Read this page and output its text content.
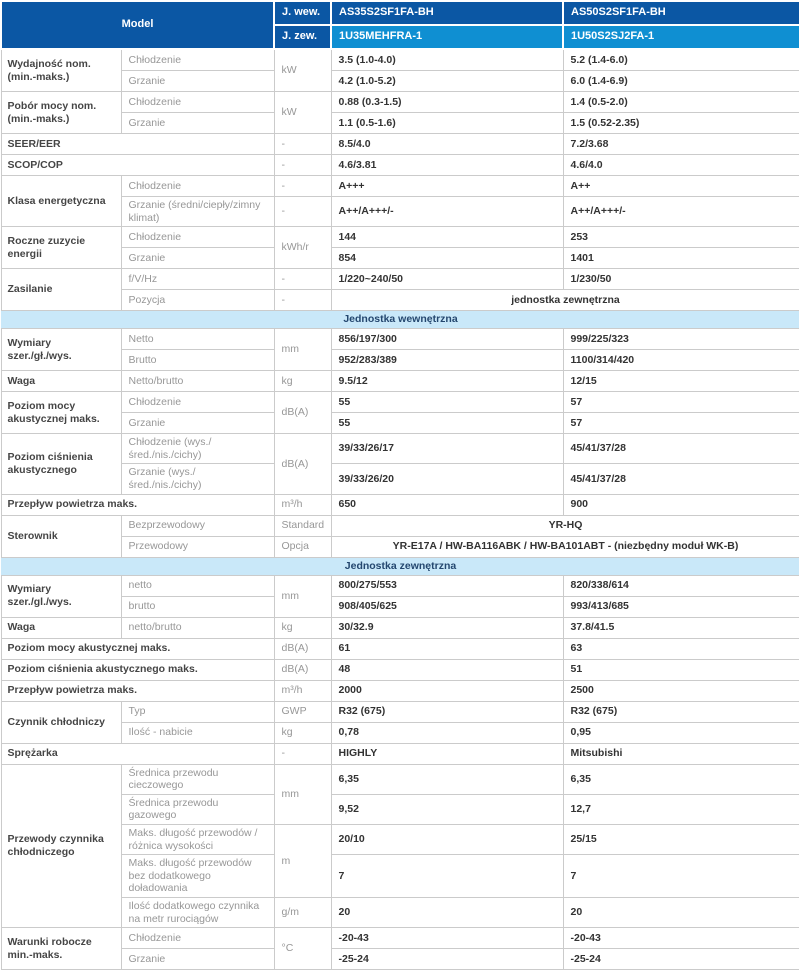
Model		J. wew.	AS35S2SF1FA-BH	AS50S2SF1FA-BH
		J. zew.	1U35MEHFRA-1	1U50S2SJ2FA-1
Wydajność nom. (min.-maks.)	Chłodzenie	kW	3.5 (1.0-4.0)	5.2 (1.4-6.0)
	Grzanie		4.2 (1.0-5.2)	6.0 (1.4-6.9)
Pobór mocy nom. (min.-maks.)	Chłodzenie	kW	0.88 (0.3-1.5)	1.4 (0.5-2.0)
	Grzanie		1.1 (0.5-1.6)	1.5 (0.52-2.35)
SEER/EER		-	8.5/4.0	7.2/3.68
SCOP/COP		-	4.6/3.81	4.6/4.0
Klasa energetyczna	Chłodzenie	-	A+++	A++
	Grzanie (średni/ciepły/zimny klimat)	-	A++/A+++/-	A++/A+++/-
Roczne zuzycie energii	Chłodzenie	kWh/r	144	253
	Grzanie		854	1401
Zasilanie	f/V/Hz	-	1/220~240/50	1/230/50
	Pozycja	-	jednostka zewnętrzna	
Jednostka wewnętrzna				
Wymiary szer./gł./wys.	Netto	mm	856/197/300	999/225/323
	Brutto		952/283/389	1100/314/420
Waga	Netto/brutto	kg	9.5/12	12/15
Poziom mocy akustycznej maks.	Chłodzenie	dB(A)	55	57
	Grzanie		55	57
Poziom ciśnienia akustycznego	Chłodzenie (wys./śred./nis./cichy)	dB(A)	39/33/26/17	45/41/37/28
	Grzanie (wys./śred./nis./cichy)		39/33/26/20	45/41/37/28
Przepływ powietrza maks.		m³/h	650	900
Sterownik	Bezprzewodowy	Standard	YR-HQ	
	Przewodowy	Opcja	YR-E17A / HW-BA116ABK / HW-BA101ABT - (niezbędny moduł WK-B)	
Jednostka zewnętrzna				
Wymiary szer./gl./wys.	netto	mm	800/275/553	820/338/614
	brutto		908/405/625	993/413/685
Waga	netto/brutto	kg	30/32.9	37.8/41.5
Poziom mocy akustycznej maks.		dB(A)	61	63
Poziom ciśnienia akustycznego maks.		dB(A)	48	51
Przepływ powietrza maks.		m³/h	2000	2500
Czynnik chłodniczy	Typ	GWP	R32 (675)	R32 (675)
	Ilość - nabicie	kg	0,78	0,95
Sprężarka		-	HIGHLY	Mitsubishi
Przewody czynnika chłodniczego	Średnica przewodu cieczowego	mm	6,35	6,35
	Średnica przewodu gazowego		9,52	12,7
	Maks. długość przewodów / różnica wysokości	m	20/10	25/15
	Maks. długość przewodów bez dodatkowego doładowania		7	7
	Ilość dodatkowego czynnika na metr rurociągów	g/m	20	20
Warunki robocze min.-maks.	Chłodzenie	°C	-20-43	-20-43
	Grzanie		-25-24	-25-24
